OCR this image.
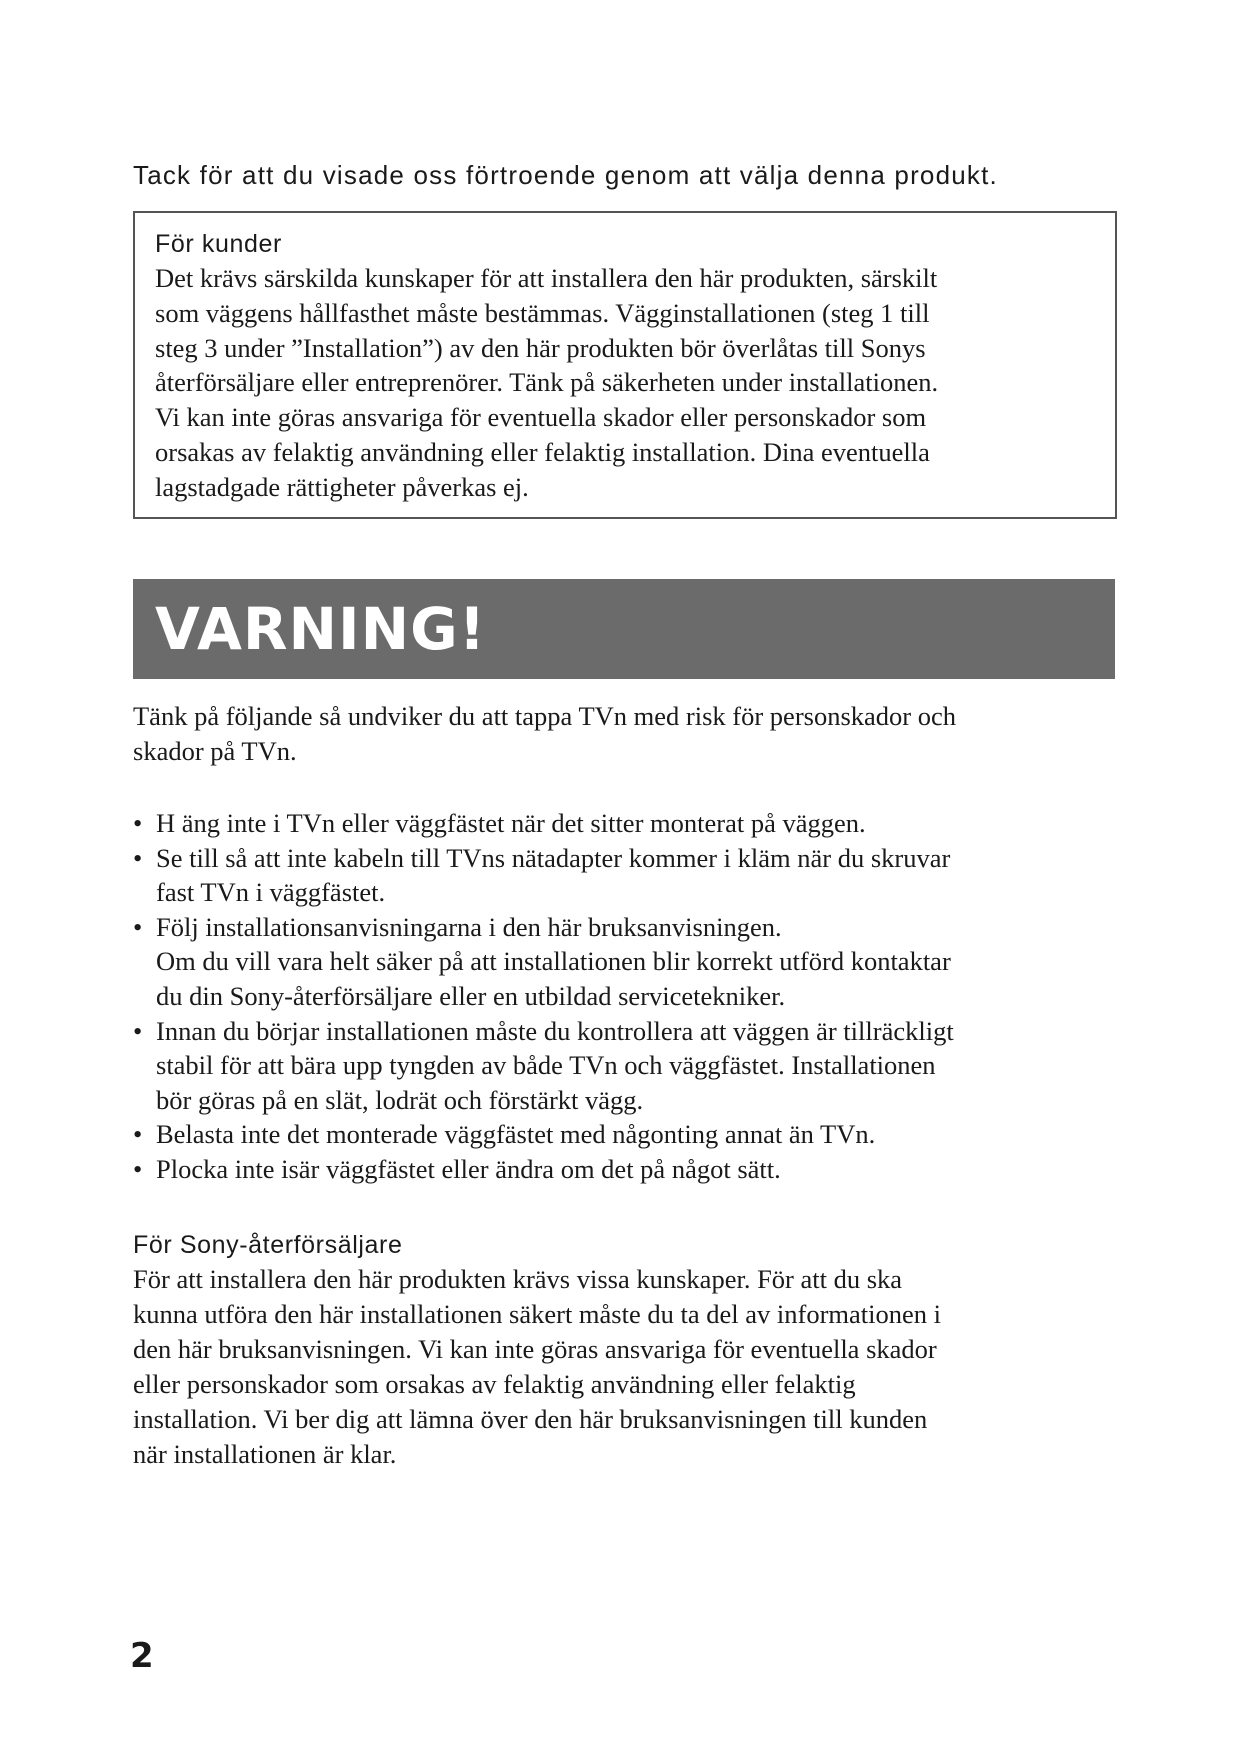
Tack för att du visade oss förtroende genom att välja denna produkt.

För kunder

Det krävs särskilda kunskaper för att installera den här produkten, särskilt
som väggens hållfasthet måste bestämmas. Vägginstallationen (steg 1 till
steg 3 under ”Installation”) av den här produkten bör överlåtas till Sonys
återförsäljare eller entreprenörer. Tänk på säkerheten under installationen.
Vi kan inte göras ansvariga för eventuella skador eller personskador som
orsakas av felaktig användning eller felaktig installation. Dina eventuella
lagstadgade rättigheter påverkas ej.

VARNING!

Tänk på följande så undviker du att tappa TVn med risk för personskador och
skador på TVn.

• H äng inte i TVn eller väggfästet när det sitter monterat på väggen.
• Se till så att inte kabeln till TVns nätadapter kommer i kläm när du skruvar
fast TVn i väggfästet.
• Följ installationsanvisningarna i den här bruksanvisningen.
Om du vill vara helt säker på att installationen blir korrekt utförd kontaktar
du din Sony-återförsäljare eller en utbildad servicetekniker.
• Innan du börjar installationen måste du kontrollera att väggen är tillräckligt
stabil för att bära upp tyngden av både TVn och väggfästet. Installationen
bör göras på en slät, lodrät och förstärkt vägg.
• Belasta inte det monterade väggfästet med någonting annat än TVn.
• Plocka inte isär väggfästet eller ändra om det på något sätt.
För Sony-återförsäljare

För att installera den här produkten krävs vissa kunskaper. För att du ska
kunna utföra den här installationen säkert måste du ta del av informationen i
den här bruksanvisningen. Vi kan inte göras ansvariga för eventuella skador
eller personskador som orsakas av felaktig användning eller felaktig
installation. Vi ber dig att lämna över den här bruksanvisningen till kunden
när installationen är klar.

2
